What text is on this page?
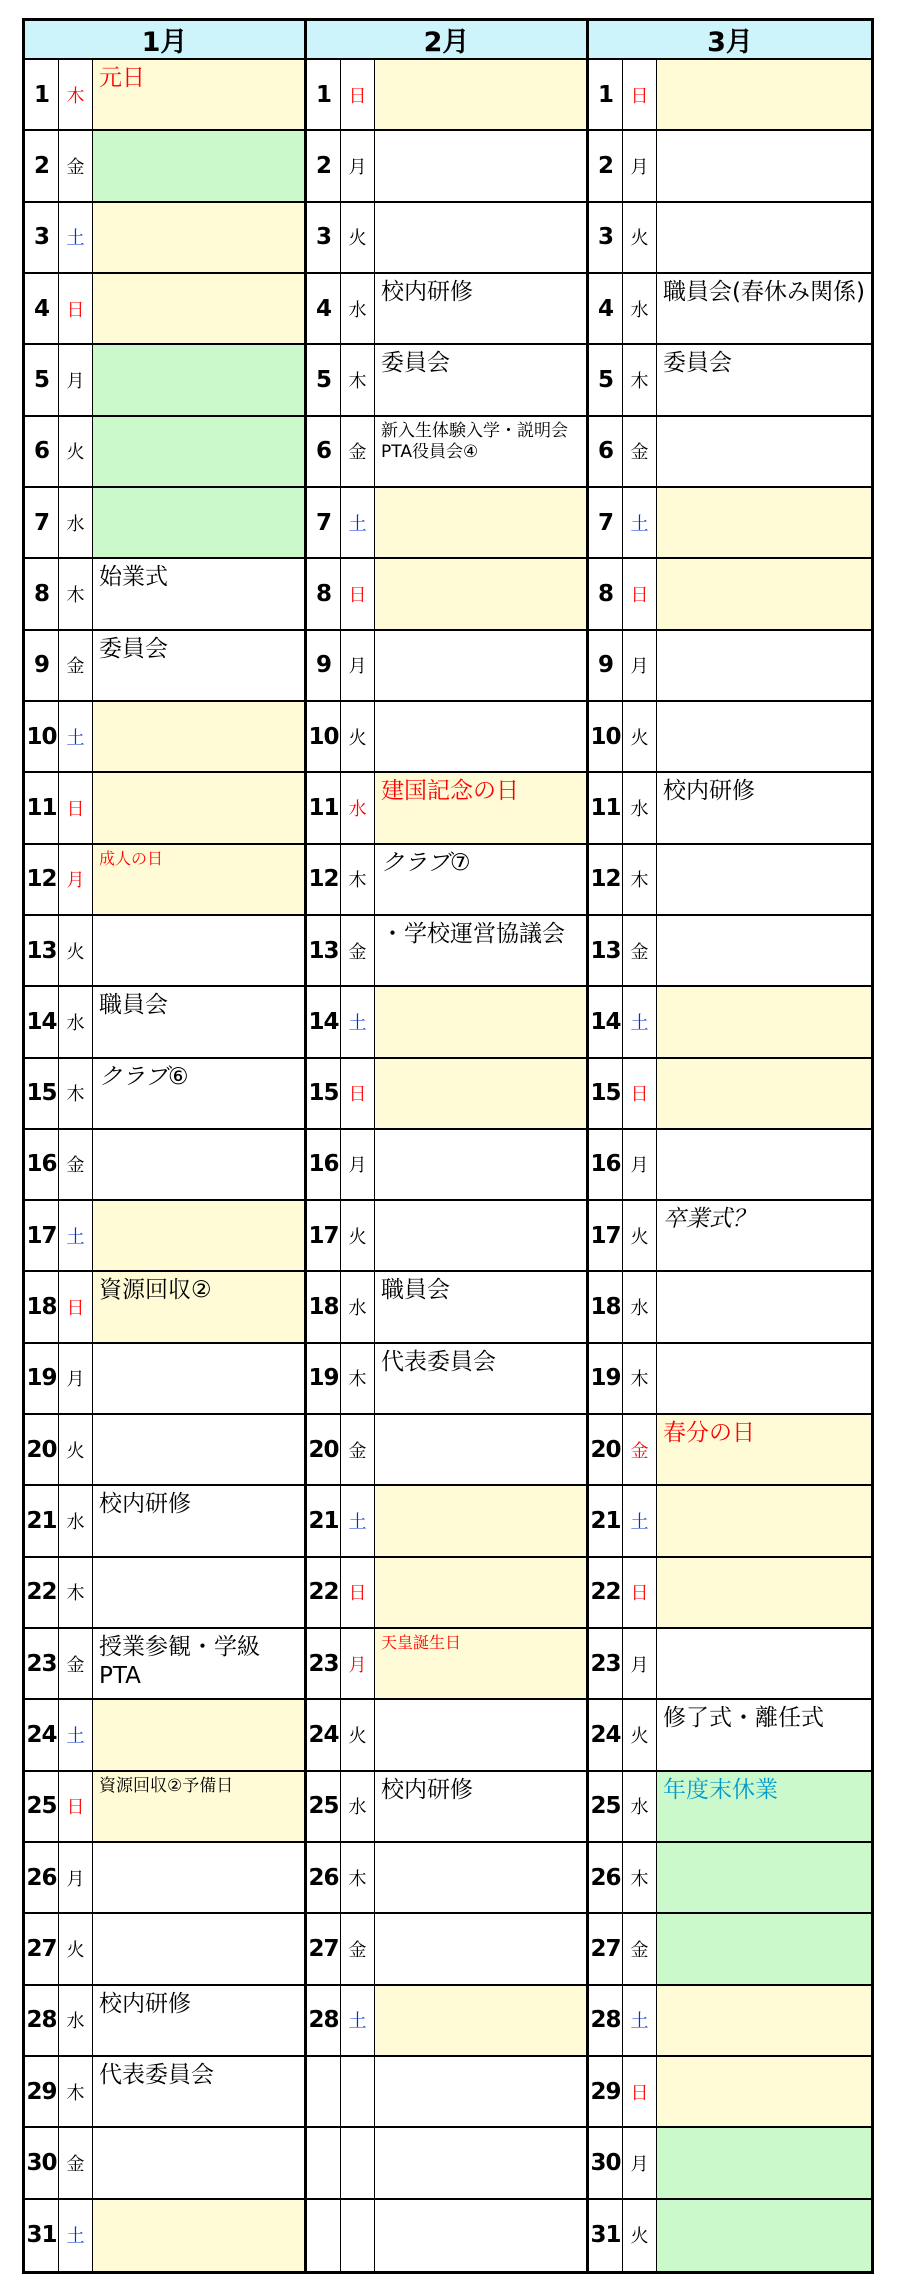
1月
1 木
元日
2 金
3 土
4 日
5 月
6 火
7 水
8 木
始業式
9 金
委員会
10 土
11 日
12 月
成人の日
13 火
14 水
職員会
15 木
クラブ⑥
16 金
17 土
18 日
資源回収②
19 月
20 火
21 水
校内研修
22 木
23 金
授業参観・学級PTA
24 土
25 日
資源回収②予備日
26 月
27 火
28 水
校内研修
29 木
代表委員会
30 金
31 土
2月
1 日
2 月
3 火
4 水
校内研修
5 木
委員会
6 金
新入生体験入学・説明会　PTA役員会④
7 土
8 日
9 月
10 火
11 水
建国記念の日
12 木
クラブ⑦
13 金
・学校運営協議会
14 土
15 日
16 月
17 火
18 水
職員会
19 木
代表委員会
20 金
21 土
22 日
23 月
天皇誕生日
24 火
25 水
校内研修
26 木
27 金
28 土
3月
1 日
2 月
3 火
4 水
職員会(春休み関係)
5 木
委員会
6 金
7 土
8 日
9 月
10 火
11 水
校内研修
12 木
13 金
14 土
15 日
16 月
17 火
卒業式？
18 水
19 木
20 金
春分の日
21 土
22 日
23 月
24 火
修了式・離任式
25 水
年度末休業
26 木
27 金
28 土
29 日
30 月
31 火
